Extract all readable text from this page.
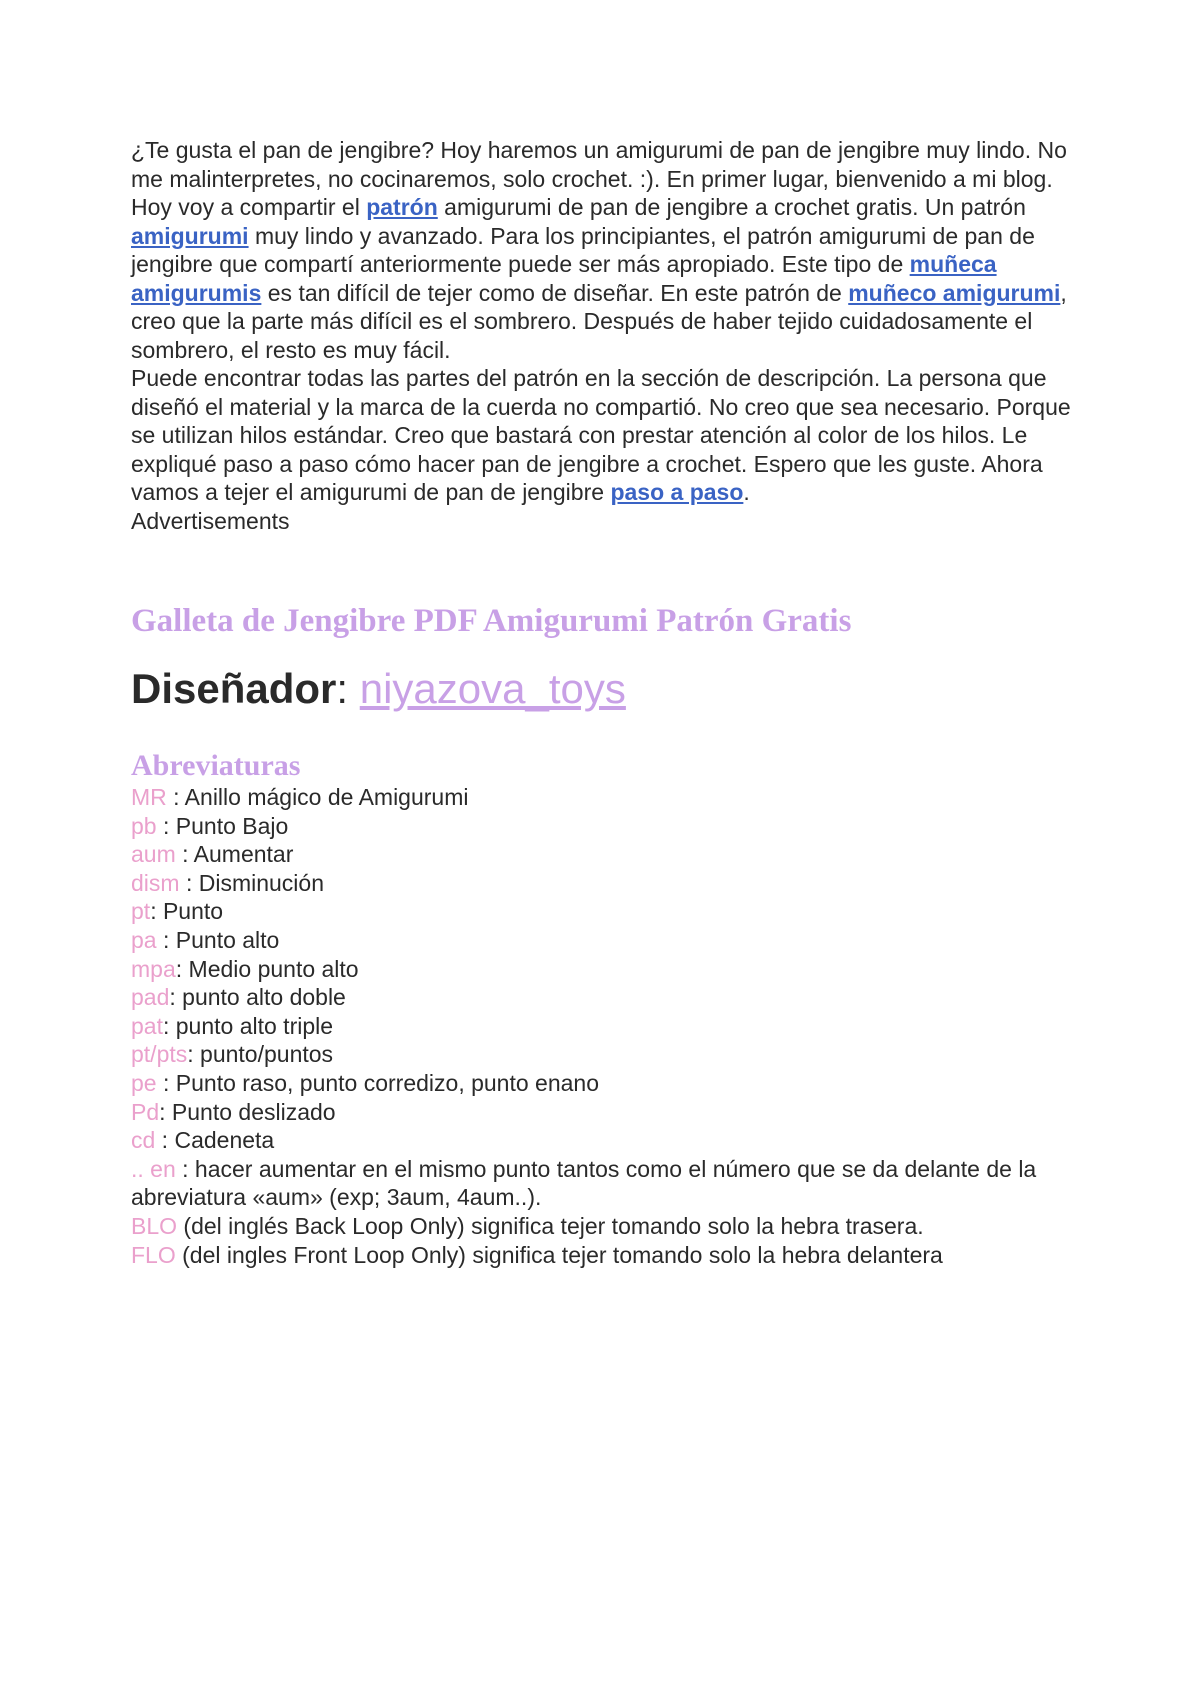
¿Te gusta el pan de jengibre? Hoy haremos un amigurumi de pan de jengibre muy lindo. No me malinterpretes, no cocinaremos, solo crochet. :). En primer lugar, bienvenido a mi blog. Hoy voy a compartir el patrón amigurumi de pan de jengibre a crochet gratis. Un patrón amigurumi muy lindo y avanzado. Para los principiantes, el patrón amigurumi de pan de jengibre que compartí anteriormente puede ser más apropiado. Este tipo de muñeca amigurumis es tan difícil de tejer como de diseñar. En este patrón de muñeco amigurumi, creo que la parte más difícil es el sombrero. Después de haber tejido cuidadosamente el sombrero, el resto es muy fácil.
Puede encontrar todas las partes del patrón en la sección de descripción. La persona que diseñó el material y la marca de la cuerda no compartió. No creo que sea necesario. Porque se utilizan hilos estándar. Creo que bastará con prestar atención al color de los hilos. Le expliqué paso a paso cómo hacer pan de jengibre a crochet. Espero que les guste. Ahora vamos a tejer el amigurumi de pan de jengibre paso a paso.

Advertisements

Galleta de Jengibre PDF Amigurumi Patrón Gratis
Diseñador: niyazova_toys
Abreviaturas
MR : Anillo mágico de Amigurumi
pb : Punto Bajo
aum : Aumentar
dism : Disminución
pt: Punto
pa : Punto alto
mpa: Medio punto alto
pad: punto alto doble
pat: punto alto triple
pt/pts: punto/puntos
pe : Punto raso, punto corredizo, punto enano
Pd: Punto deslizado
cd : Cadeneta
.. en : hacer aumentar en el mismo punto tantos como el número que se da delante de la abreviatura «aum» (exp; 3aum, 4aum..).
BLO (del inglés Back Loop Only) significa tejer tomando solo la hebra trasera.
FLO (del ingles Front Loop Only) significa tejer tomando solo la hebra delantera
